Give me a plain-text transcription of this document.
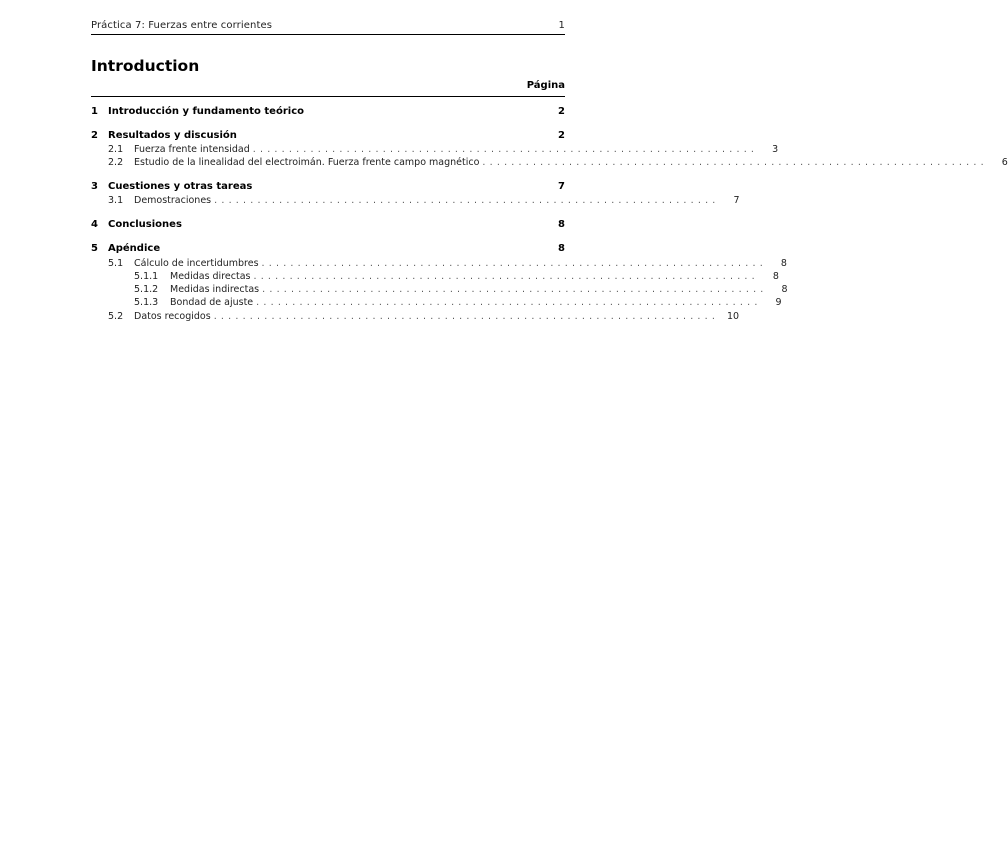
Práctica 7: Fuerzas entre corrientes	1
Introduction
Página
1	Introducción y fundamento teórico	2
2	Resultados y discusión	2
2.1	Fuerza frente intensidad ......................................................................	3
2.2	Estudio de la linealidad del electroimán. Fuerza frente campo magnético ......................................................................	6
3	Cuestiones y otras tareas	7
3.1	Demostraciones ......................................................................	7
4	Conclusiones	8
5	Apéndice	8
5.1	Cálculo de incertidumbres ......................................................................	8
5.1.1	Medidas directas ......................................................................	8
5.1.2	Medidas indirectas ......................................................................	8
5.1.3	Bondad de ajuste ......................................................................	9
5.2	Datos recogidos ...................................................................... 10
